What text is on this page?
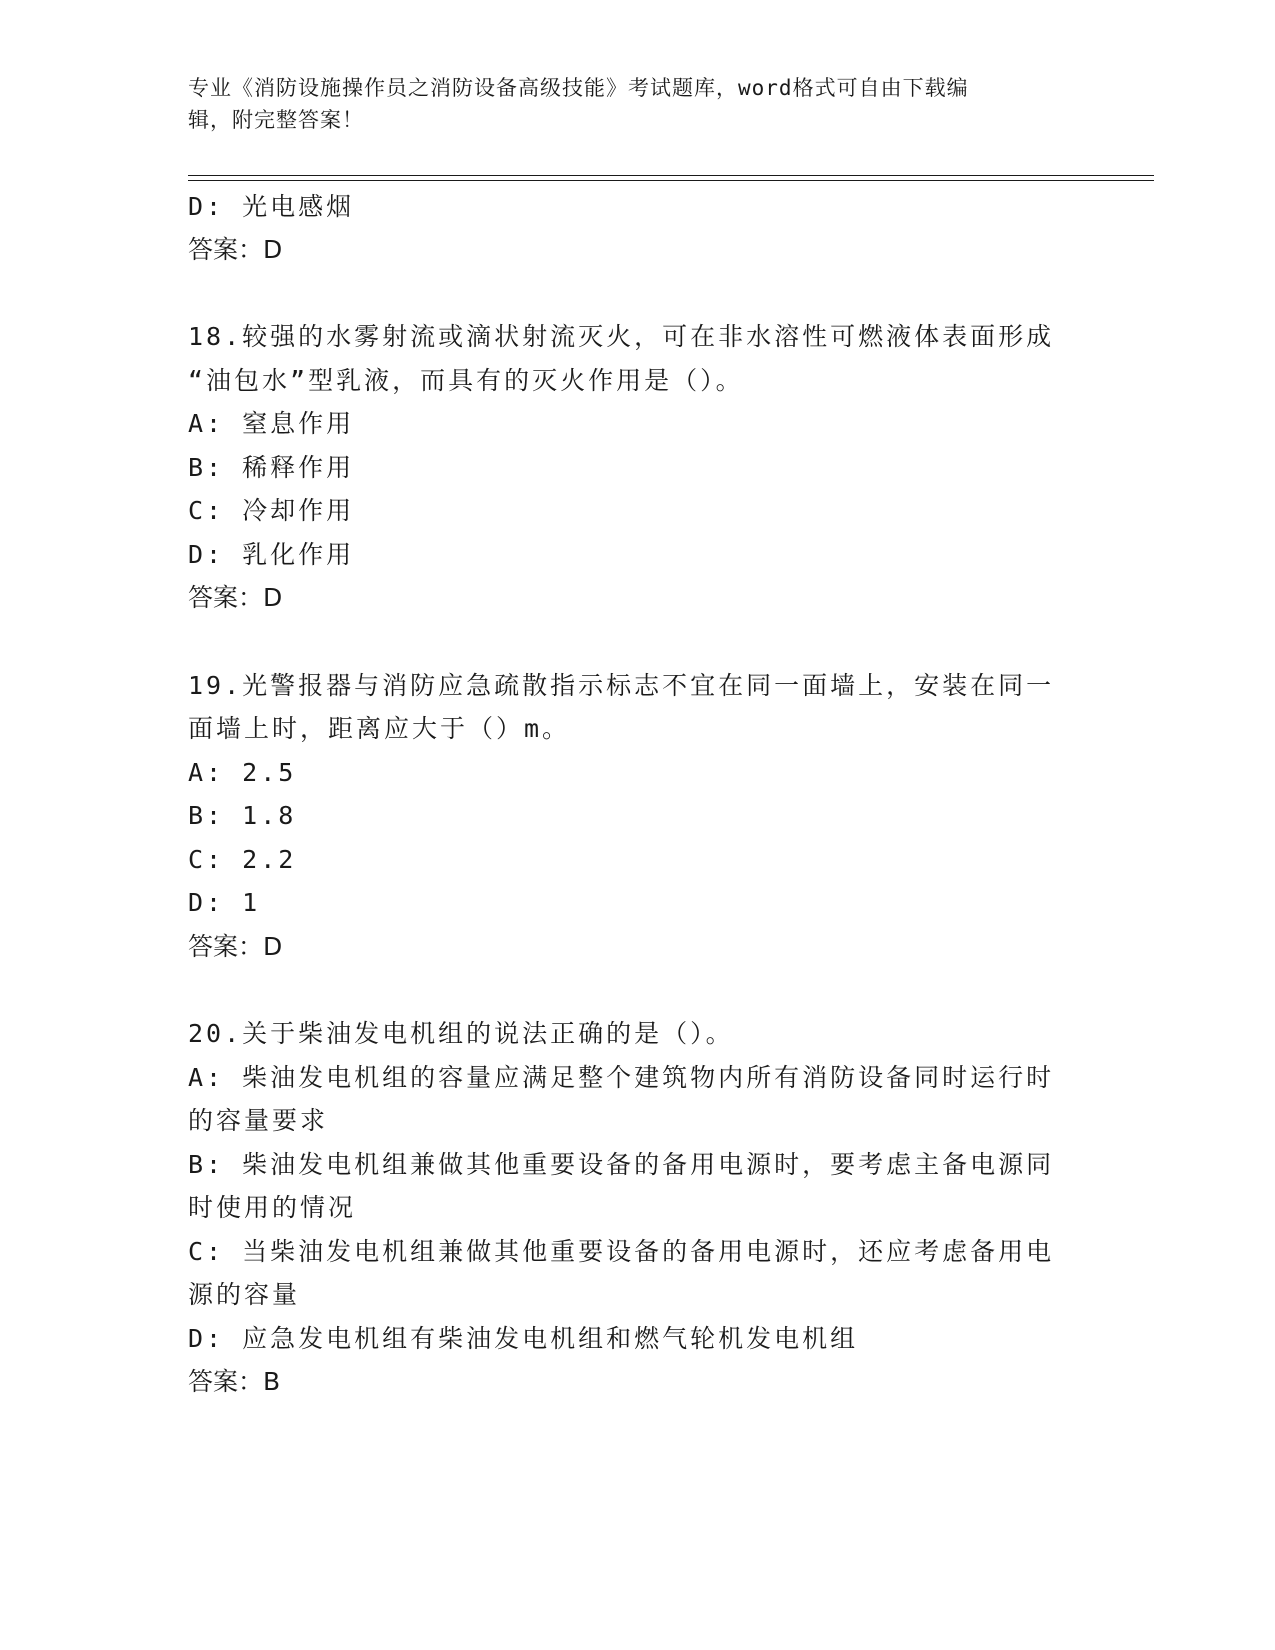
专业《消防设施操作员之消防设备高级技能》考试题库，word格式可自由下载编
辑，附完整答案！
D: 光电感烟
答案：D
18.较强的水雾射流或滴状射流灭火，可在非水溶性可燃液体表面形成
“油包水”型乳液，而具有的灭火作用是（）。
A: 窒息作用
B: 稀释作用
C: 冷却作用
D: 乳化作用
答案：D
19.光警报器与消防应急疏散指示标志不宜在同一面墙上，安装在同一
面墙上时，距离应大于（）m。
A: 2.5
B: 1.8
C: 2.2
D: 1
答案：D
20.关于柴油发电机组的说法正确的是（）。
A: 柴油发电机组的容量应满足整个建筑物内所有消防设备同时运行时
的容量要求
B: 柴油发电机组兼做其他重要设备的备用电源时，要考虑主备电源同
时使用的情况
C: 当柴油发电机组兼做其他重要设备的备用电源时，还应考虑备用电
源的容量
D: 应急发电机组有柴油发电机组和燃气轮机发电机组
答案：B
